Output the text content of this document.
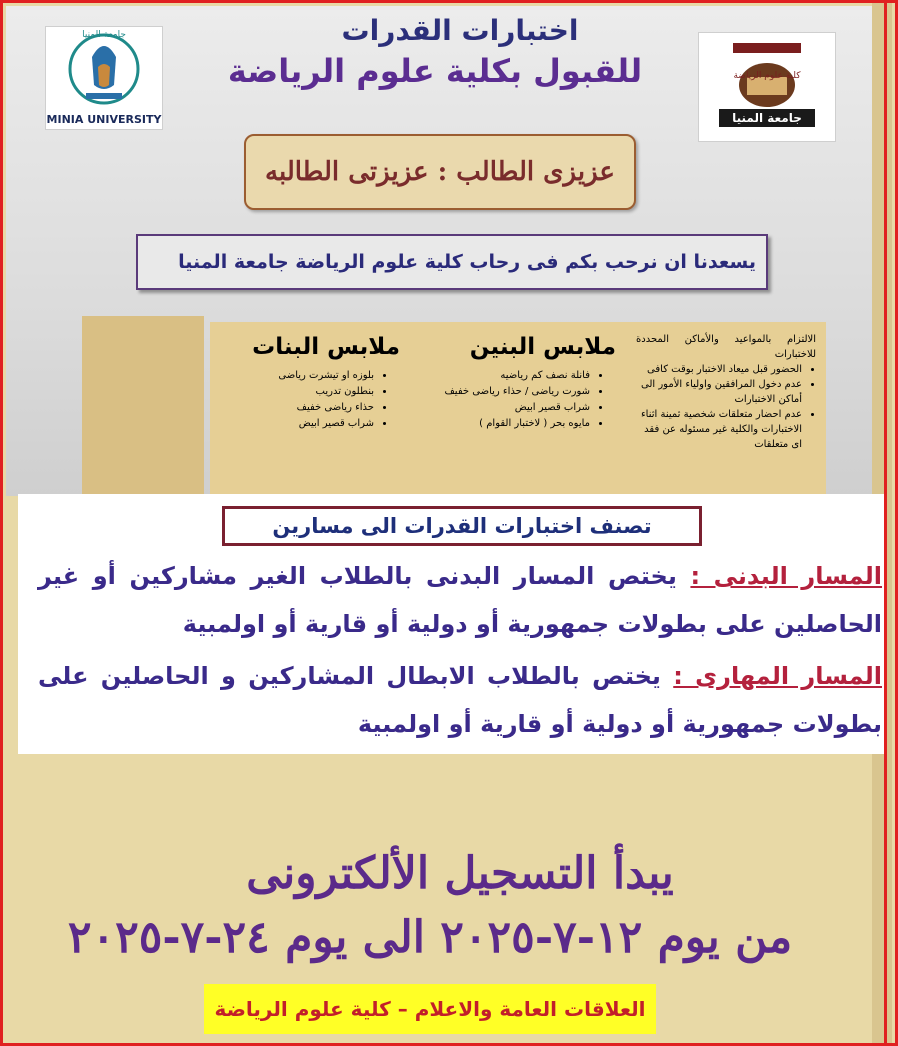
اختبارات القدرات
للقبول بكلية علوم الرياضة
جامعة المنيا
MINIA UNIVERSITY
كلية علوم الرياضة
جامعة المنيا
عزيزى الطالب : عزيزتى الطالبه
يسعدنا ان نرحب بكم فى رحاب كلية علوم الرياضة جامعة المنيا
ملابس البنات
• بلوزه او تيشرت رياضى
• بنطلون تدريب
• حذاء رياضى خفيف
• شراب قصير ابيض
ملابس البنين
• فانلة نصف كم رياضيه
• شورت رياضى / حذاء رياضى خفيف
• شراب قصير ابيض
• مايوه بحر ( لاختبار القوام )

الالتزام بالمواعيد والأماكن المحددة للاختبارات

• الحضور قبل ميعاد الاختبار بوقت كافى
• عدم دخول المرافقين واولياء الأمور الى أماكن الاختبارات
• عدم احضار متعلقات شخصية ثمينة اثناء الاختبارات والكلية غير مسئوله عن فقد اى متعلقات
تصنف اختبارات القدرات الى مسارين
المسار البدنى : يختص المسار البدنى بالطلاب الغير مشاركين أو غير الحاصلين على بطولات جمهورية أو دولية أو قارية أو اولمبية
المسار المهارى : يختص بالطلاب الابطال المشاركين و الحاصلين على بطولات جمهورية أو دولية أو قارية أو اولمبية
يبدأ التسجيل الألكترونى
من يوم ١٢-٧-٢٠٢٥ الى يوم ٢٤-٧-٢٠٢٥
العلاقات العامة والاعلام – كلية علوم الرياضة
